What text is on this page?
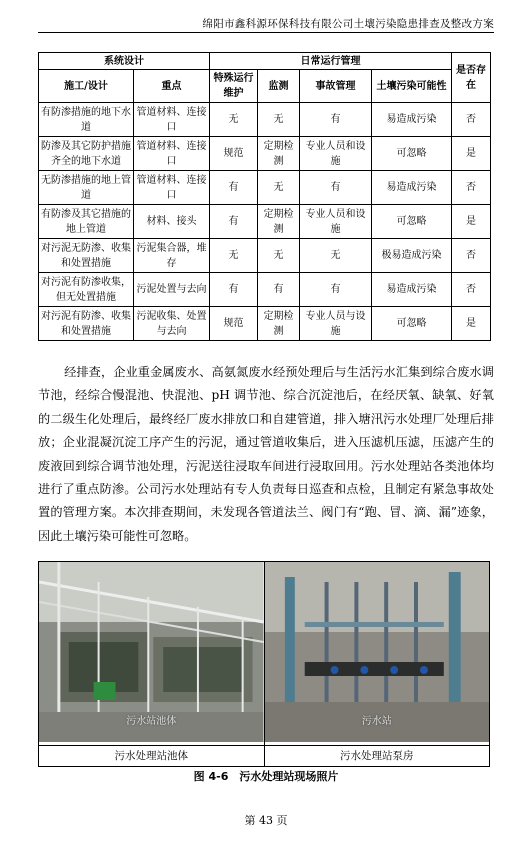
绵阳市鑫科源环保科技有限公司土壤污染隐患排查及整改方案
系统设计		日常运行管理				是否存在
施工/设计	重点	特殊运行维护	监测	事故管理	土壤污染可能性	
有防渗措施的地下水道	管道材料、连接口	无	无	有	易造成污染	否
防渗及其它防护措施齐全的地下水道	管道材料、连接口	规范	定期检测	专业人员和设施	可忽略	是
无防渗措施的地上管道	管道材料、连接口	有	无	有	易造成污染	否
有防渗及其它措施的地上管道	材料、接头	有	定期检测	专业人员和设施	可忽略	是
对污泥无防渗、收集和处置措施	污泥集合器，堆存	无	无	无	极易造成污染	否
对污泥有防渗收集，但无处置措施	污泥处置与去向	有	有	有	易造成污染	否
对污泥有防渗、收集和处置措施	污泥收集、处置与去向	规范	定期检测	专业人员与设施	可忽略	是
经排查，企业重金属废水、高氨氮废水经预处理后与生活污水汇集到综合废水调节池，经综合慢混池、快混池、pH 调节池、综合沉淀池后，在经厌氧、缺氧、好氧的二级生化处理后，最终经厂废水排放口和自建管道，排入塘汛污水处理厂处理后排放；企业混凝沉淀工序产生的污泥，通过管道收集后，进入压滤机压滤，压滤产生的废液回到综合调节池处理，污泥送往浸取车间进行浸取回用。污水处理站各类池体均进行了重点防渗。公司污水处理站有专人负责每日巡查和点检，且制定有紧急事故处置的管理方案。本次排查期间，未发现各管道法兰、阀门有“跑、冒、滴、漏”迹象，因此土壤污染可能性可忽略。
污水站池体	污水站

污水处理站池体	污水处理站泵房
图 4-6　污水处理站现场照片
第 43 页
